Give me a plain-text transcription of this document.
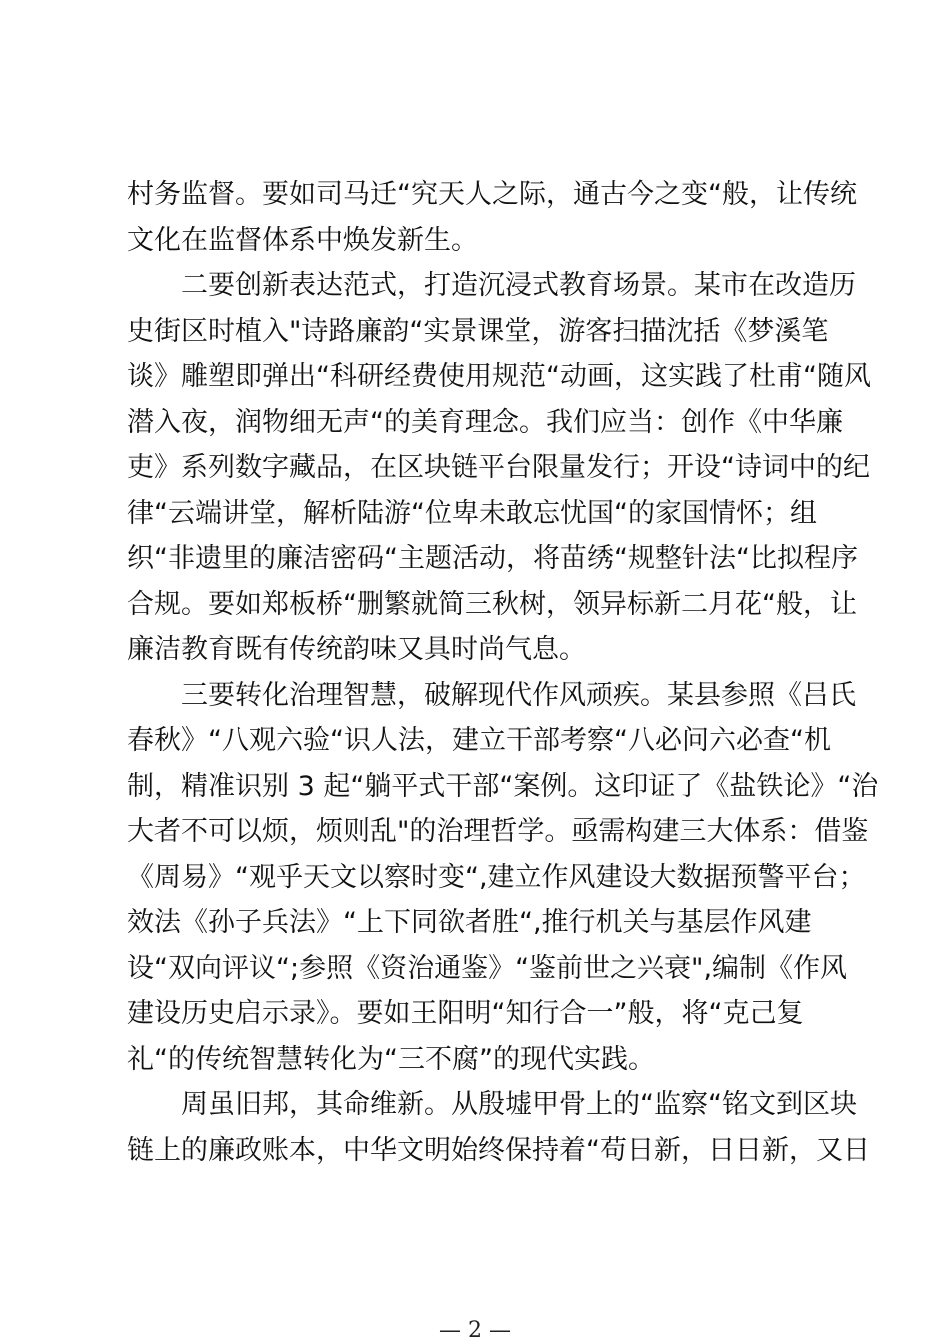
村务监督。要如司马迁“究天人之际，通古今之变“般，让传统
文化在监督体系中焕发新生。
　　二要创新表达范式，打造沉浸式教育场景。某市在改造历
史街区时植入"诗路廉韵“实景课堂，游客扫描沈括《梦溪笔
谈》雕塑即弹出“科研经费使用规范“动画，这实践了杜甫“随风
潜入夜，润物细无声“的美育理念。我们应当：创作《中华廉
吏》系列数字藏品，在区块链平台限量发行；开设“诗词中的纪
律“云端讲堂，解析陆游“位卑未敢忘忧国“的家国情怀；组
织“非遗里的廉洁密码“主题活动，将苗绣“规整针法“比拟程序
合规。要如郑板桥“删繁就简三秋树，领异标新二月花“般，让
廉洁教育既有传统韵味又具时尚气息。
　　三要转化治理智慧，破解现代作风顽疾。某县参照《吕氏
春秋》“八观六验“识人法，建立干部考察“八必问六必查“机
制，精准识别 3 起“躺平式干部“案例。这印证了《盐铁论》“治
大者不可以烦，烦则乱"的治理哲学。亟需构建三大体系：借鉴
《周易》“观乎天文以察时变“,建立作风建设大数据预警平台；
效法《孙子兵法》“上下同欲者胜“,推行机关与基层作风建
设“双向评议“;参照《资治通鉴》“鉴前世之兴衰",编制《作风
建设历史启示录》。要如王阳明“知行合一”般，将“克己复
礼“的传统智慧转化为“三不腐”的现代实践。
　　周虽旧邦，其命维新。从殷墟甲骨上的“监察“铭文到区块
链上的廉政账本，中华文明始终保持着“苟日新，日日新，又日
— 2 —
